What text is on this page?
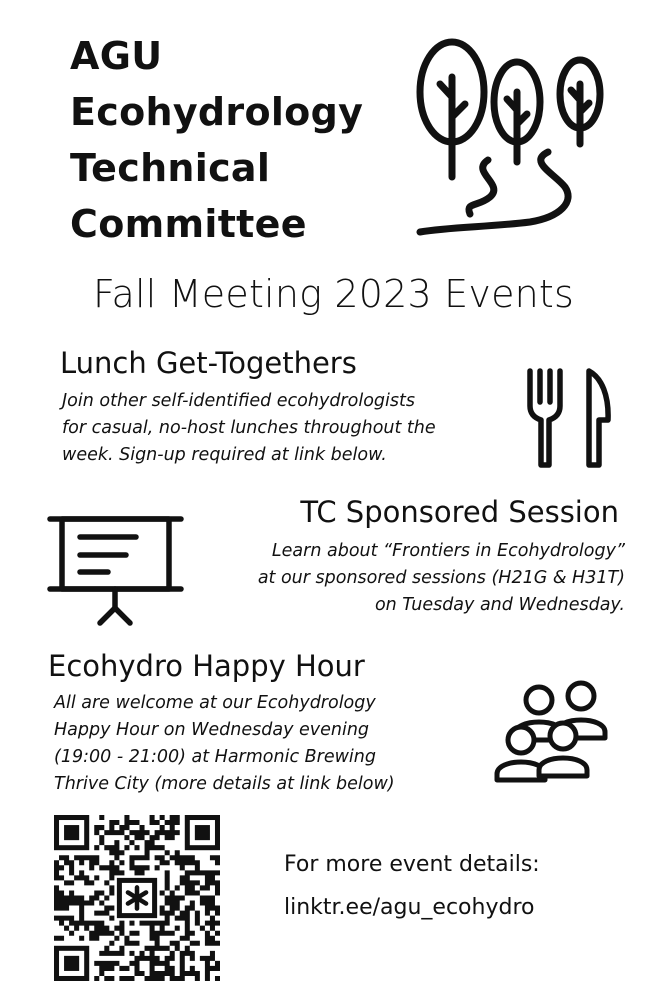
AGU
Ecohydrology
Technical
Committee
Fall Meeting 2023 Events
Lunch Get-Togethers
Join other self-identified ecohydrologists
for casual, no-host lunches throughout the
week. Sign-up required at link below.
TC Sponsored Session
Learn about “Frontiers in Ecohydrology”
at our sponsored sessions (H21G & H31T)
on Tuesday and Wednesday.
Ecohydro Happy Hour
All are welcome at our Ecohydrology
Happy Hour on Wednesday evening
(19:00 - 21:00) at Harmonic Brewing
Thrive City (more details at link below)
For more event details:
linktr.ee/agu_ecohydro
